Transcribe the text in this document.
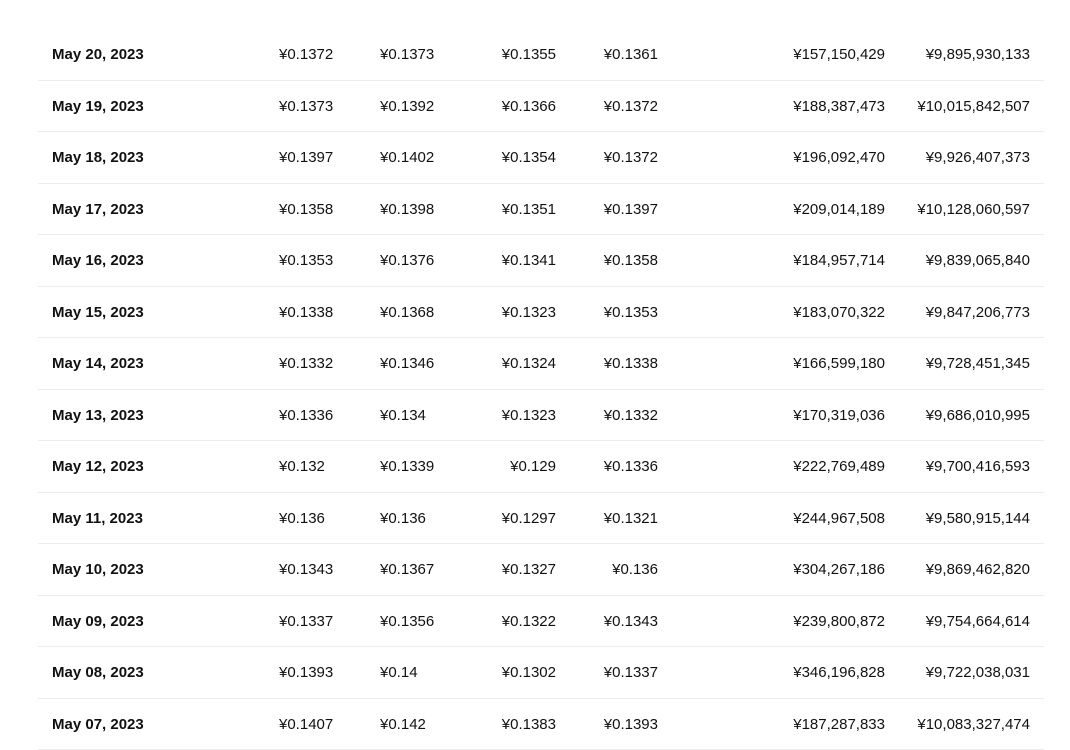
May 20, 2023	¥0.1372	¥0.1373	¥0.1355	¥0.1361	¥157,150,429	¥9,895,930,133
May 19, 2023	¥0.1373	¥0.1392	¥0.1366	¥0.1372	¥188,387,473 ¥10,015,842,507
May 18, 2023	¥0.1397	¥0.1402	¥0.1354	¥0.1372	¥196,092,470	¥9,926,407,373
May 17, 2023	¥0.1358	¥0.1398	¥0.1351	¥0.1397	¥209,014,189 ¥10,128,060,597
May 16, 2023	¥0.1353	¥0.1376	¥0.1341	¥0.1358	¥184,957,714	¥9,839,065,840
May 15, 2023	¥0.1338	¥0.1368	¥0.1323	¥0.1353	¥183,070,322	¥9,847,206,773
May 14, 2023	¥0.1332	¥0.1346	¥0.1324	¥0.1338	¥166,599,180	¥9,728,451,345
May 13, 2023	¥0.1336	¥0.134	¥0.1323	¥0.1332	¥170,319,036	¥9,686,010,995
May 12, 2023	¥0.132	¥0.1339	¥0.129	¥0.1336	¥222,769,489	¥9,700,416,593
May 11, 2023	¥0.136	¥0.136	¥0.1297	¥0.1321	¥244,967,508	¥9,580,915,144
May 10, 2023	¥0.1343	¥0.1367	¥0.1327	¥0.136	¥304,267,186	¥9,869,462,820
May 09, 2023	¥0.1337	¥0.1356	¥0.1322	¥0.1343	¥239,800,872	¥9,754,664,614
May 08, 2023	¥0.1393	¥0.14	¥0.1302	¥0.1337	¥346,196,828	¥9,722,038,031
May 07, 2023	¥0.1407	¥0.142	¥0.1383	¥0.1393	¥187,287,833 ¥10,083,327,474
